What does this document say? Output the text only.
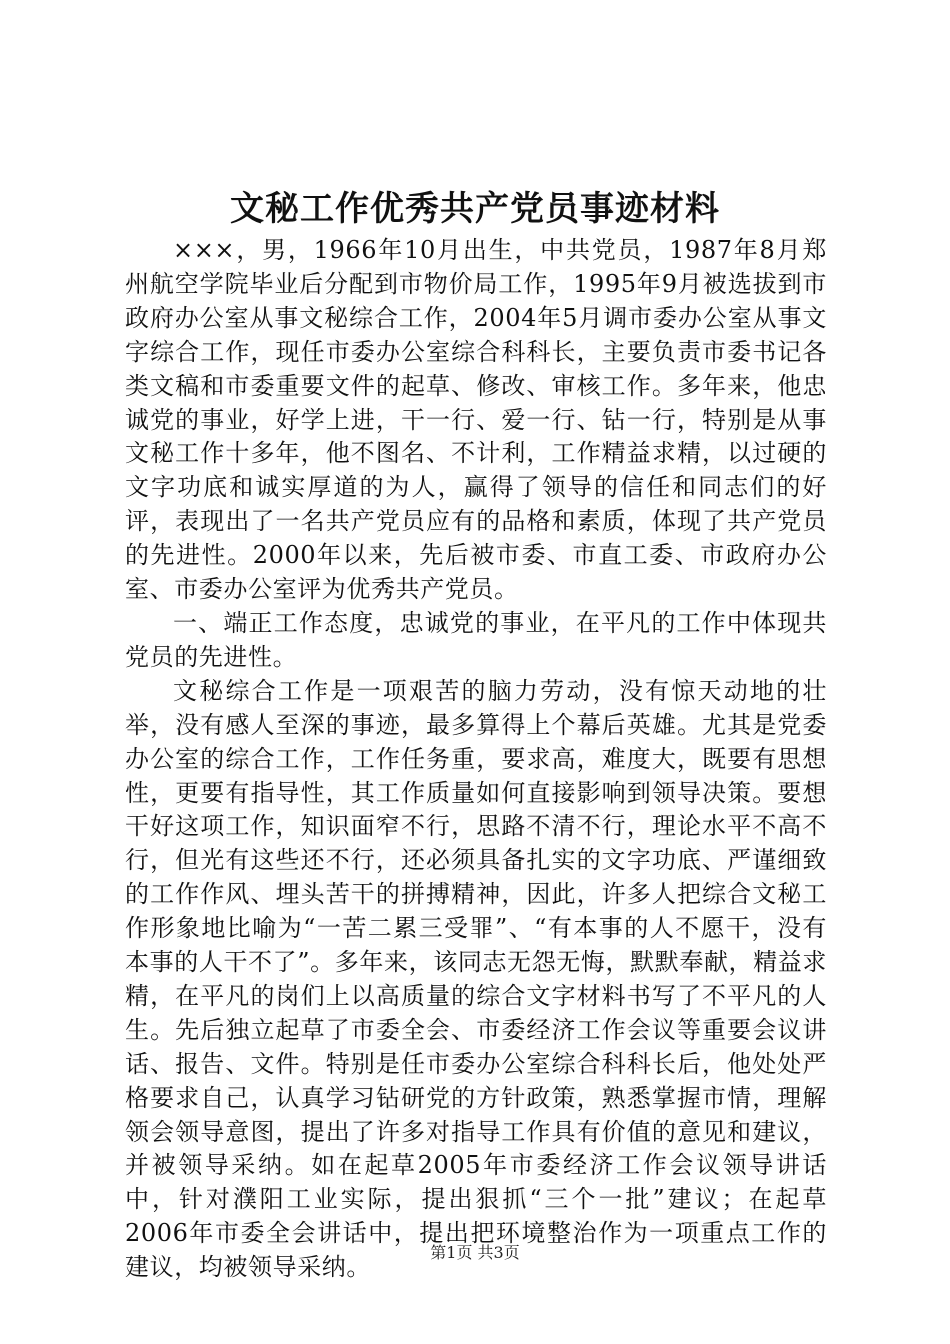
文秘工作优秀共产党员事迹材料

×××，男，1966年10月出生，中共党员，1987年8月郑州航空学院毕业后分配到市物价局工作，1995年9月被选拔到市政府办公室从事文秘综合工作，2004年5月调市委办公室从事文字综合工作，现任市委办公室综合科科长，主要负责市委书记各类文稿和市委重要文件的起草、修改、审核工作。多年来，他忠诚党的事业，好学上进，干一行、爱一行、钻一行，特别是从事文秘工作十多年，他不图名、不计利，工作精益求精，以过硬的文字功底和诚实厚道的为人，赢得了领导的信任和同志们的好评，表现出了一名共产党员应有的品格和素质，体现了共产党员的先进性。2000年以来，先后被市委、市直工委、市政府办公室、市委办公室评为优秀共产党员。

一、端正工作态度，忠诚党的事业，在平凡的工作中体现共党员的先进性。

文秘综合工作是一项艰苦的脑力劳动，没有惊天动地的壮举，没有感人至深的事迹，最多算得上个幕后英雄。尤其是党委办公室的综合工作，工作任务重，要求高，难度大，既要有思想性，更要有指导性，其工作质量如何直接影响到领导决策。要想干好这项工作，知识面窄不行，思路不清不行，理论水平不高不行，但光有这些还不行，还必须具备扎实的文字功底、严谨细致的工作作风、埋头苦干的拼搏精神，因此，许多人把综合文秘工作形象地比喻为“一苦二累三受罪”、“有本事的人不愿干，没有本事的人干不了”。多年来，该同志无怨无悔，默默奉献，精益求精，在平凡的岗们上以高质量的综合文字材料书写了不平凡的人生。先后独立起草了市委全会、市委经济工作会议等重要会议讲话、报告、文件。特别是任市委办公室综合科科长后，他处处严格要求自己，认真学习钻研党的方针政策，熟悉掌握市情，理解领会领导意图，提出了许多对指导工作具有价值的意见和建议，并被领导采纳。如在起草2005年市委经济工作会议领导讲话中，针对濮阳工业实际，提出狠抓“三个一批”建议；在起草2006年市委全会讲话中，提出把环境整治作为一项重点工作的建议，均被领导采纳。

第1页 共3页
